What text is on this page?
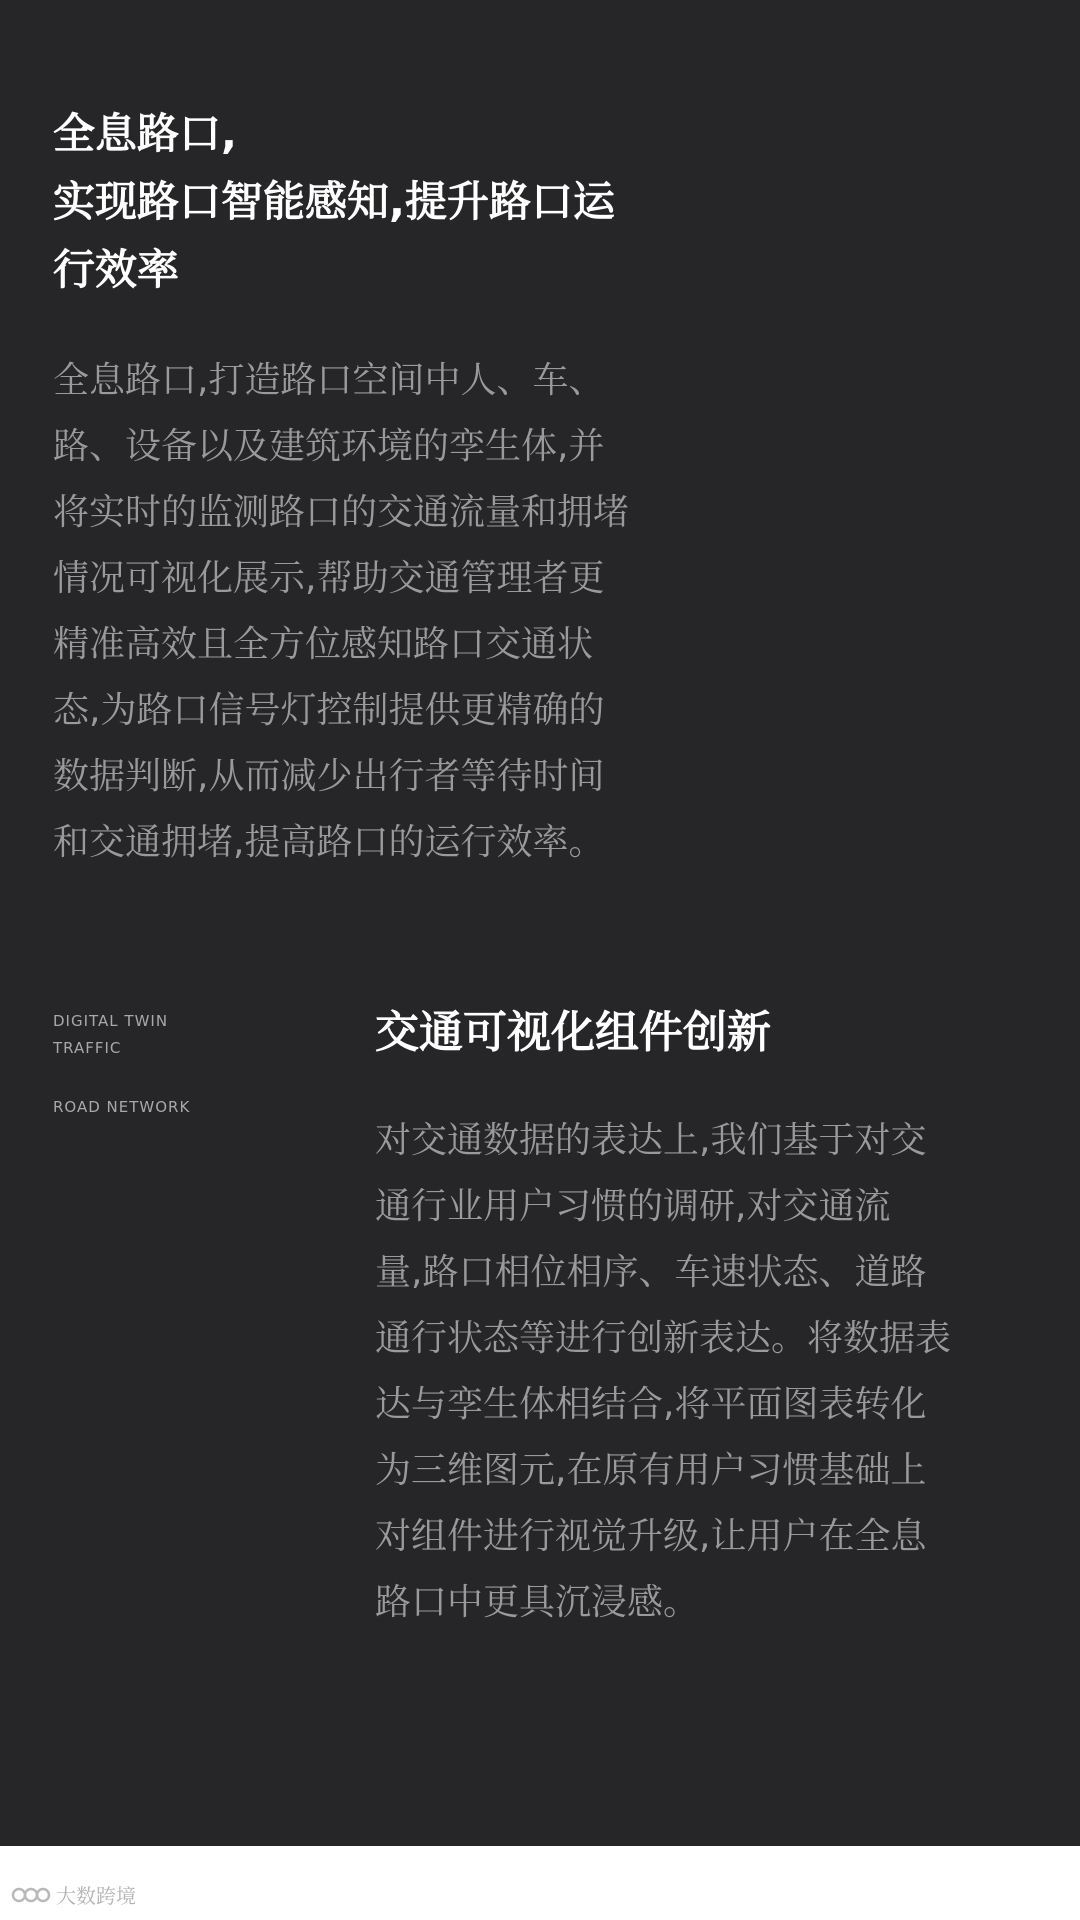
全息路口,
实现路口智能感知,提升路口运
行效率

全息路口,打造路口空间中人、车、
路、设备以及建筑环境的孪生体,并
将实时的监测路口的交通流量和拥堵
情况可视化展示,帮助交通管理者更
精准高效且全方位感知路口交通状
态,为路口信号灯控制提供更精确的
数据判断,从而减少出行者等待时间
和交通拥堵,提高路口的运行效率。

DIGITAL TWIN
TRAFFIC
ROAD NETWORK
交通可视化组件创新

对交通数据的表达上,我们基于对交
通行业用户习惯的调研,对交通流
量,路口相位相序、车速状态、道路
通行状态等进行创新表达。将数据表
达与孪生体相结合,将平面图表转化
为三维图元,在原有用户习惯基础上
对组件进行视觉升级,让用户在全息
路口中更具沉浸感。

大数跨境
